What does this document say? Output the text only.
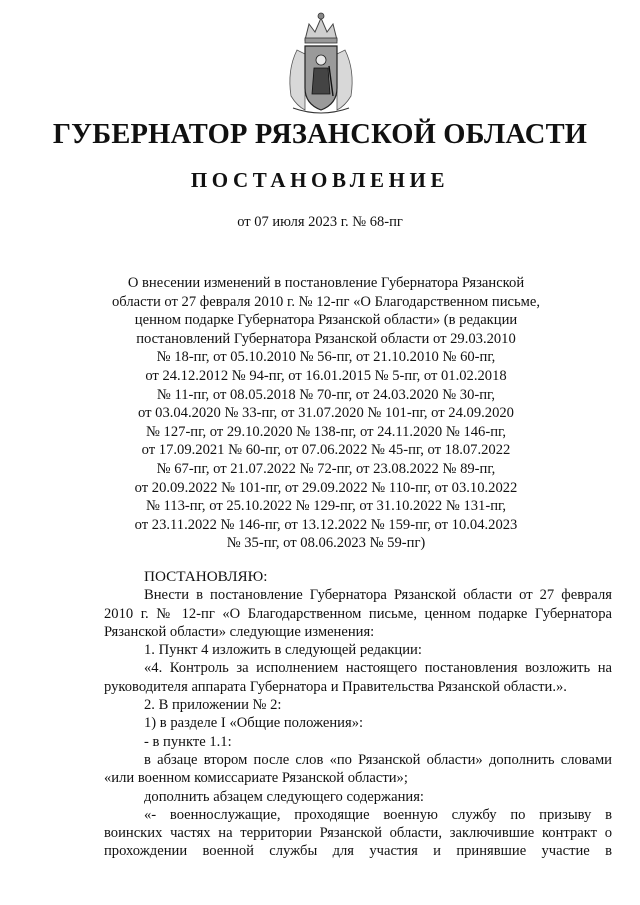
ГУБЕРНАТОР РЯЗАНСКОЙ ОБЛАСТИ
ПОСТАНОВЛЕНИЕ
от 07 июля 2023 г. № 68-пг
О внесении изменений в постановление Губернатора Рязанской
области от 27 февраля 2010 г. № 12-пг «О Благодарственном письме,
ценном подарке Губернатора Рязанской области» (в редакции
постановлений Губернатора Рязанской области от 29.03.2010
№ 18-пг, от 05.10.2010 № 56-пг, от 21.10.2010 № 60-пг,
от 24.12.2012 № 94-пг, от 16.01.2015 № 5-пг, от 01.02.2018
№ 11-пг, от 08.05.2018 № 70-пг, от 24.03.2020 № 30-пг,
от 03.04.2020 № 33-пг, от 31.07.2020 № 101-пг, от 24.09.2020
№ 127-пг, от 29.10.2020 № 138-пг, от 24.11.2020 № 146-пг,
от 17.09.2021 № 60-пг, от 07.06.2022 № 45-пг, от 18.07.2022
№ 67-пг, от 21.07.2022 № 72-пг, от 23.08.2022 № 89-пг,
от 20.09.2022 № 101-пг, от 29.09.2022 № 110-пг, от 03.10.2022
№ 113-пг, от 25.10.2022 № 129-пг, от 31.10.2022 № 131-пг,
от 23.11.2022 № 146-пг, от 13.12.2022 № 159-пг, от 10.04.2023
№ 35-пг, от 08.06.2023 № 59-пг)
ПОСТАНОВЛЯЮ:
Внести в постановление Губернатора Рязанской области от 27 февраля
2010 г. № 12-пг «О Благодарственном письме, ценном подарке Губернатора
Рязанской области» следующие изменения:
1. Пункт 4 изложить в следующей редакции:
«4. Контроль за исполнением настоящего постановления возложить на
руководителя аппарата Губернатора и Правительства Рязанской области.».
2. В приложении № 2:
1) в разделе I «Общие положения»:
- в пункте 1.1:
в абзаце втором после слов «по Рязанской области» дополнить словами
«или военном комиссариате Рязанской области»;
дополнить абзацем следующего содержания:
«- военнослужащие, проходящие военную службу по призыву в
воинских частях на территории Рязанской области, заключившие контракт о
прохождении военной службы для участия и принявшие участие в
